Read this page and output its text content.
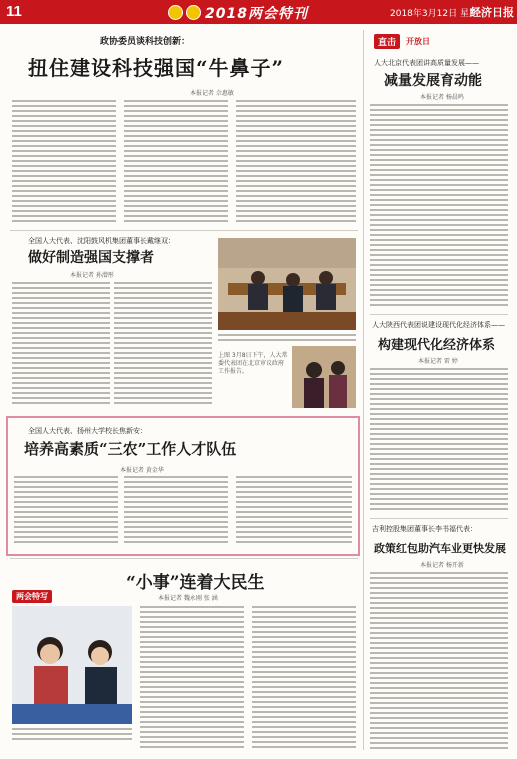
11	2018两会特刊	2018年3月12日 星期一
经济日报
政协委员谈科技创新：
扭住建设科技强国“牛鼻子”
本报记者 佘惠敏
全国人大代表、沈阳鼓风机集团董事长戴继双：
做好制造强国支撑者
本报记者 孙潜彤
上图 3月8日下午，人大常委代表团在北京审议政府工作报告。
全国人大代表、扬州大学校长焦新安：
培养高素质“三农”工作人才队伍
本报记者 黄金华
“小事”连着大民生
本报记者 魏永刚 张 涵
两会特写
直击	开放日
人大北京代表团讲高质量发展——
减量发展育动能
本报记者 杨晨鸣
人大陕西代表团说建设现代化经济体系——
构建现代化经济体系
本报记者 雷 婷
吉利控股集团董事长李书福代表：
政策红包助汽车业更快发展
本报记者 杨开新
